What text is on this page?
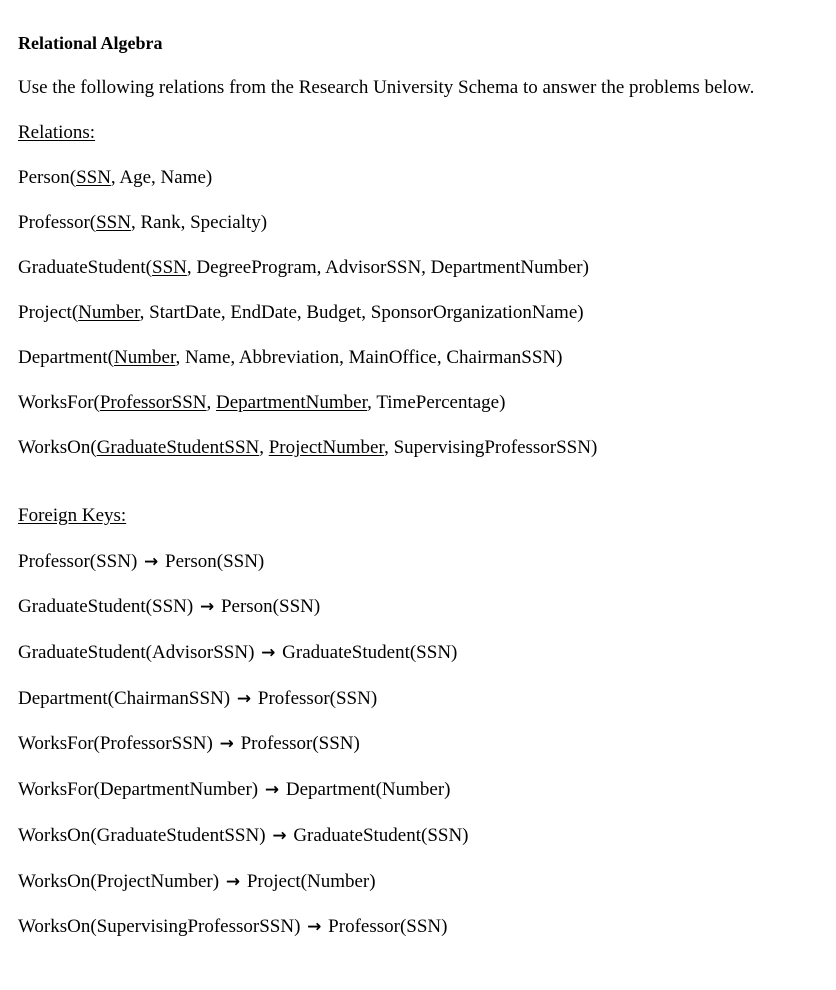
Relational Algebra
Use the following relations from the Research University Schema to answer the problems below.
Relations:
Person(SSN, Age, Name)
Professor(SSN, Rank, Specialty)
GraduateStudent(SSN, DegreeProgram, AdvisorSSN, DepartmentNumber)
Project(Number, StartDate, EndDate, Budget, SponsorOrganizationName)
Department(Number, Name, Abbreviation, MainOffice, ChairmanSSN)
WorksFor(ProfessorSSN, DepartmentNumber, TimePercentage)
WorksOn(GraduateStudentSSN, ProjectNumber, SupervisingProfessorSSN)
Foreign Keys:
Professor(SSN) → Person(SSN)
GraduateStudent(SSN) → Person(SSN)
GraduateStudent(AdvisorSSN) → GraduateStudent(SSN)
Department(ChairmanSSN) → Professor(SSN)
WorksFor(ProfessorSSN) → Professor(SSN)
WorksFor(DepartmentNumber) → Department(Number)
WorksOn(GraduateStudentSSN) → GraduateStudent(SSN)
WorksOn(ProjectNumber) → Project(Number)
WorksOn(SupervisingProfessorSSN) → Professor(SSN)
